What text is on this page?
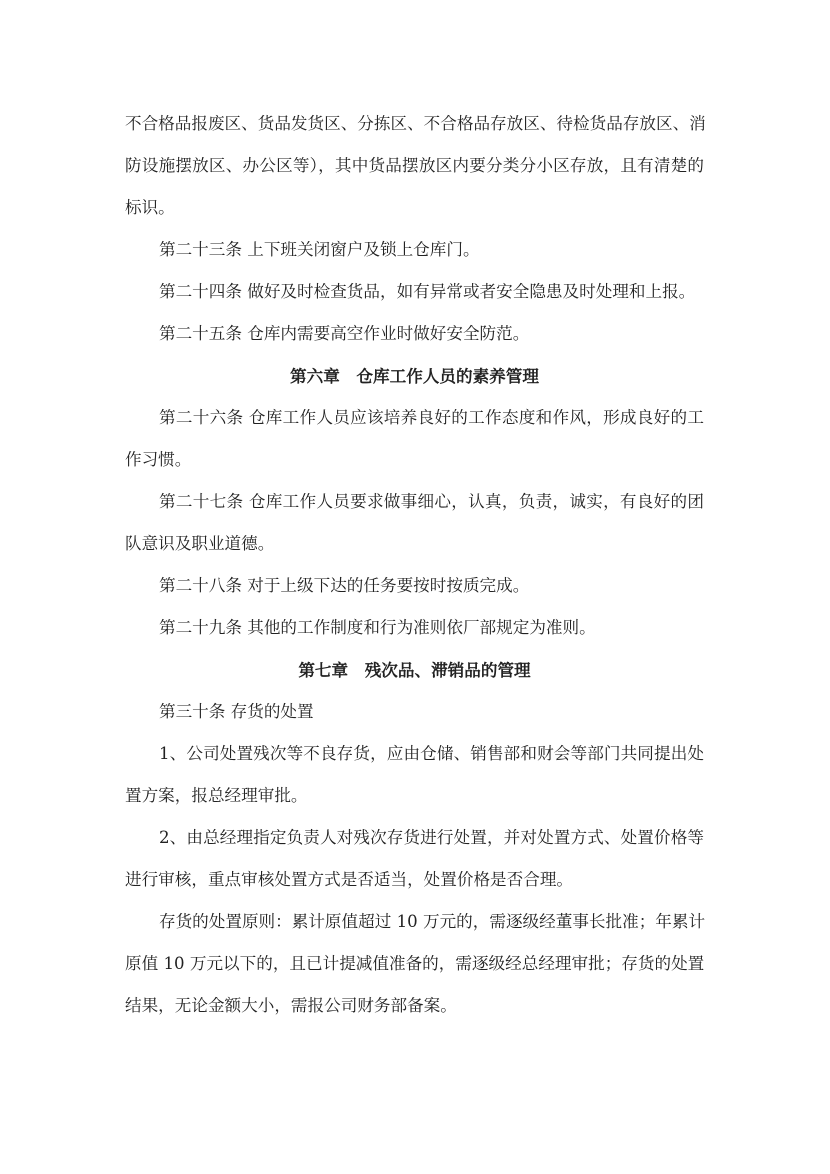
不合格品报废区、货品发货区、分拣区、不合格品存放区、待检货品存放区、消
防设施摆放区、办公区等），其中货品摆放区内要分类分小区存放，且有清楚的
标识。
第二十三条 上下班关闭窗户及锁上仓库门。
第二十四条 做好及时检查货品，如有异常或者安全隐患及时处理和上报。
第二十五条 仓库内需要高空作业时做好安全防范。
第六章　仓库工作人员的素养管理
第二十六条 仓库工作人员应该培养良好的工作态度和作风，形成良好的工
作习惯。
第二十七条 仓库工作人员要求做事细心，认真，负责，诚实，有良好的团
队意识及职业道德。
第二十八条 对于上级下达的任务要按时按质完成。
第二十九条 其他的工作制度和行为准则依厂部规定为准则。
第七章　残次品、滞销品的管理
第三十条 存货的处置
1、公司处置残次等不良存货，应由仓储、销售部和财会等部门共同提出处
置方案，报总经理审批。
2、由总经理指定负责人对残次存货进行处置，并对处置方式、处置价格等
进行审核，重点审核处置方式是否适当，处置价格是否合理。
存货的处置原则：累计原值超过 10 万元的，需逐级经董事长批准；年累计
原值 10 万元以下的，且已计提减值准备的，需逐级经总经理审批；存货的处置
结果，无论金额大小，需报公司财务部备案。
